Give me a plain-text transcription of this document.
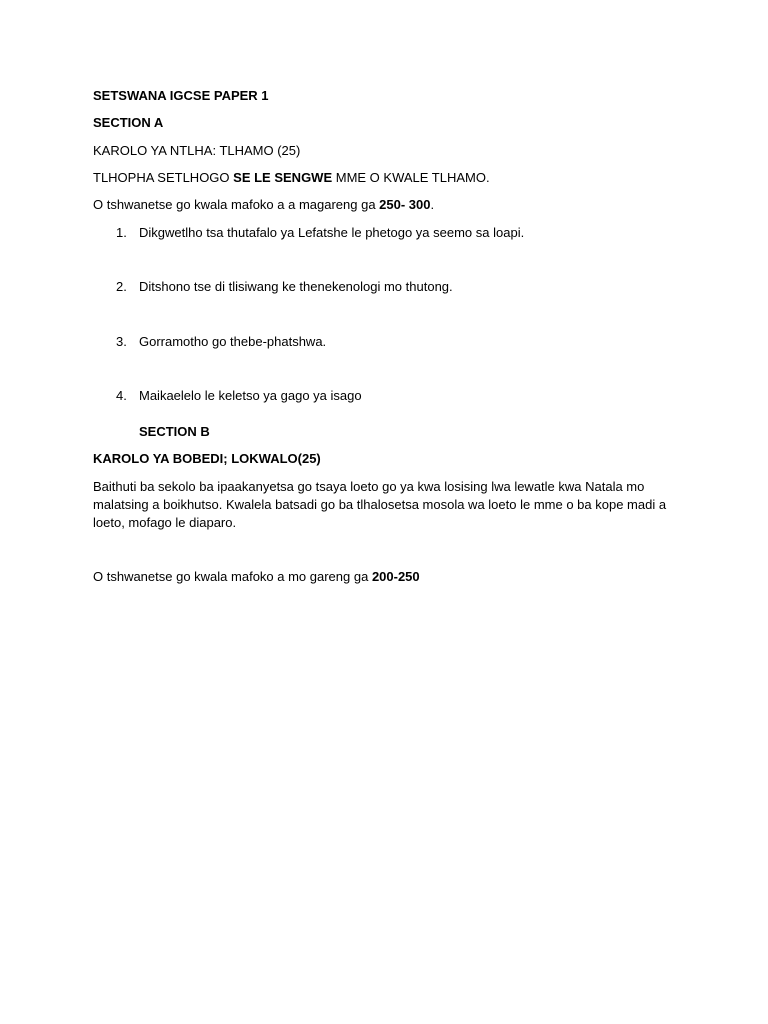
SETSWANA IGCSE PAPER 1
SECTION A
KAROLO YA NTLHA: TLHAMO (25)
TLHOPHA SETLHOGO SE LE SENGWE MME O KWALE TLHAMO.
O tshwanetse go kwala mafoko a a magareng ga 250- 300.
1. Dikgwetlho tsa thutafalo ya Lefatshe le phetogo ya seemo sa loapi.
2. Ditshono tse di tlisiwang ke thenekenologi mo thutong.
3. Gorramotho go thebe-phatshwa.
4. Maikaelelo le keletso ya gago ya isago
SECTION B
KAROLO YA BOBEDI; LOKWALO(25)
Baithuti ba sekolo ba ipaakanyetsa go tsaya loeto go ya kwa losising lwa lewatle kwa Natala mo malatsing a boikhutso. Kwalela batsadi go ba tlhalosetsa mosola wa loeto le mme o ba kope madi a loeto, mofago le diaparo.
O tshwanetse go kwala mafoko a mo gareng ga 200-250
